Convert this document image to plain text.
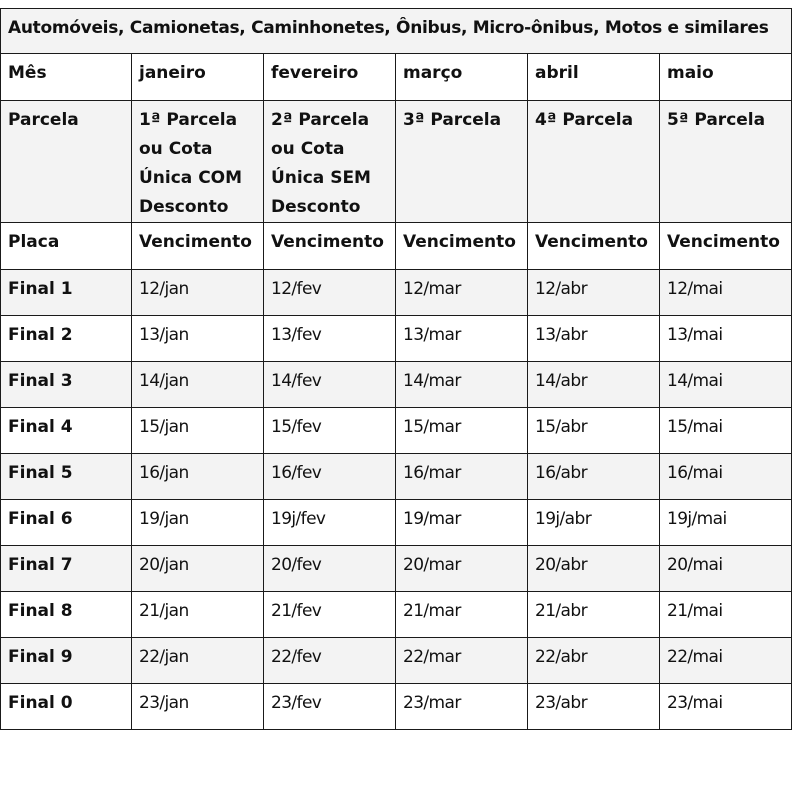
Automóveis, Camionetas, Caminhonetes, Ônibus, Micro-ônibus, Motos e similares					
Mês	janeiro	fevereiro	março	abril	maio
Parcela	1ª Parcela ou Cota Única COM Desconto	2ª Parcela ou Cota Única SEM Desconto	3ª Parcela	4ª Parcela	5ª Parcela
Placa	Vencimento	Vencimento	Vencimento	Vencimento	Vencimento
Final 1	12/jan	12/fev	12/mar	12/abr	12/mai
Final 2	13/jan	13/fev	13/mar	13/abr	13/mai
Final 3	14/jan	14/fev	14/mar	14/abr	14/mai
Final 4	15/jan	15/fev	15/mar	15/abr	15/mai
Final 5	16/jan	16/fev	16/mar	16/abr	16/mai
Final 6	19/jan	19j/fev	19/mar	19j/abr	19j/mai
Final 7	20/jan	20/fev	20/mar	20/abr	20/mai
Final 8	21/jan	21/fev	21/mar	21/abr	21/mai
Final 9	22/jan	22/fev	22/mar	22/abr	22/mai
Final 0	23/jan	23/fev	23/mar	23/abr	23/mai
